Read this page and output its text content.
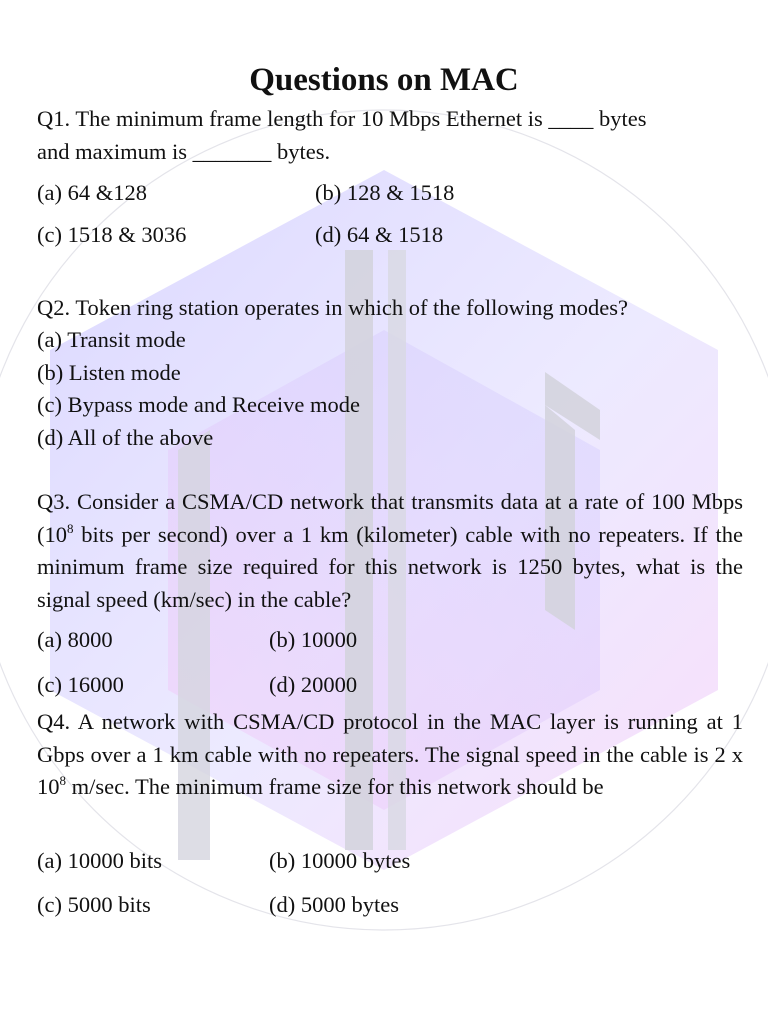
Questions on MAC
Q1. The minimum frame length for 10 Mbps Ethernet is ____ bytes
and maximum is _______ bytes.
(a) 64 &128	(b) 128 & 1518
(c) 1518 & 3036	(d) 64 & 1518
Q2. Token ring station operates in which of the following modes?
(a) Transit mode
(b) Listen mode
(c) Bypass mode and Receive mode
(d) All of the above
Q3. Consider a CSMA/CD network that transmits data at a rate of 100 Mbps ($10^8$ bits per second) over a 1 km (kilometer) cable with no repeaters. If the minimum frame size required for this network is 1250 bytes, what is the signal speed (km/sec) in the cable?
(a) 8000	(b) 10000
(c) 16000	(d) 20000
Q4. A network with CSMA/CD protocol in the MAC layer is running at 1 Gbps over a 1 km cable with no repeaters. The signal speed in the cable is 2 x $10^8$ m/sec. The minimum frame size for this network should be
(a) 10000 bits	(b) 10000 bytes
(c) 5000 bits	(d) 5000 bytes
